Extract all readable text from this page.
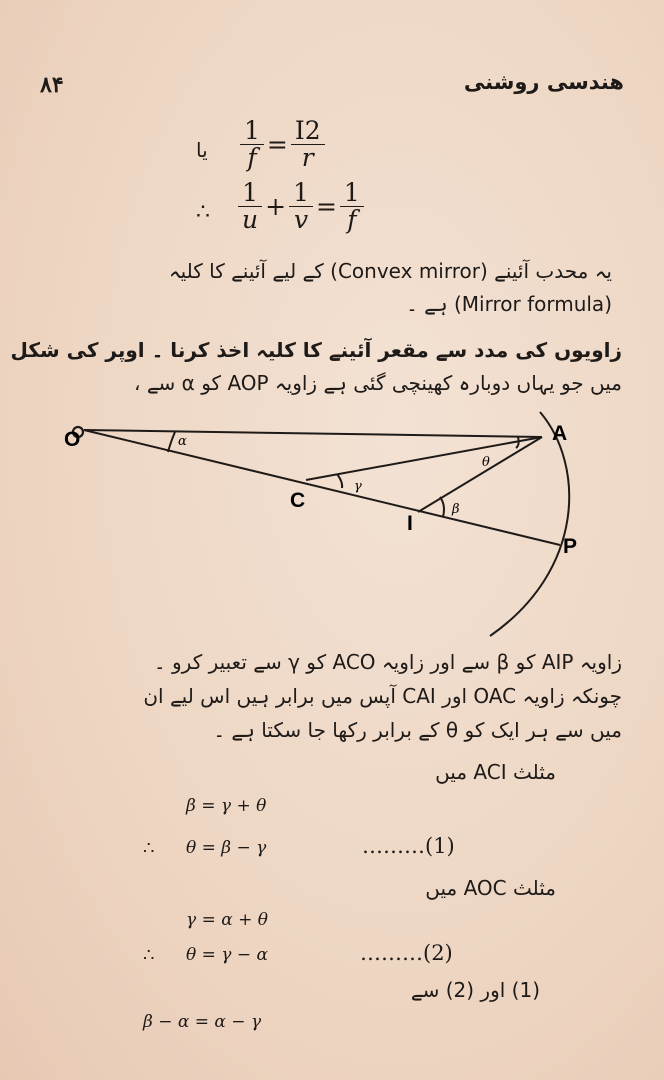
۸۴	هندسی روشنی
یا $\frac{1}{f} = \frac{I2}{r}$
∴ $\frac{1}{u} + \frac{1}{v} = \frac{1}{f}$
یہ محدب آئینے (Convex mirror) کے لیے آئینے کا کلیہ
(Mirror formula) ہے ۔
زاویوں کی مدد سے مقعر آئینے کا کلیہ اخذ کرنا ۔ اوپر کی شکل
میں جو یہاں دوبارہ کھینچی گئی ہے زاویہ AOP کو α سے ،
O	A
C
I
P
α
θ
γ
β
زاویہ AIP کو β سے اور زاویہ ACO کو γ سے تعبیر کرو ۔
چونکہ زاویہ OAC اور CAI آپس میں برابر ہیں اس لیے ان
میں سے ہر ایک کو θ کے برابر رکھا جا سکتا ہے ۔
مثلث ACI میں
β = γ + θ
∴ θ = β − γ	………(1)
مثلث AOC میں
γ = α + θ
∴ θ = γ − α	………(2)
(1) اور (2) سے
β − α = α − γ
